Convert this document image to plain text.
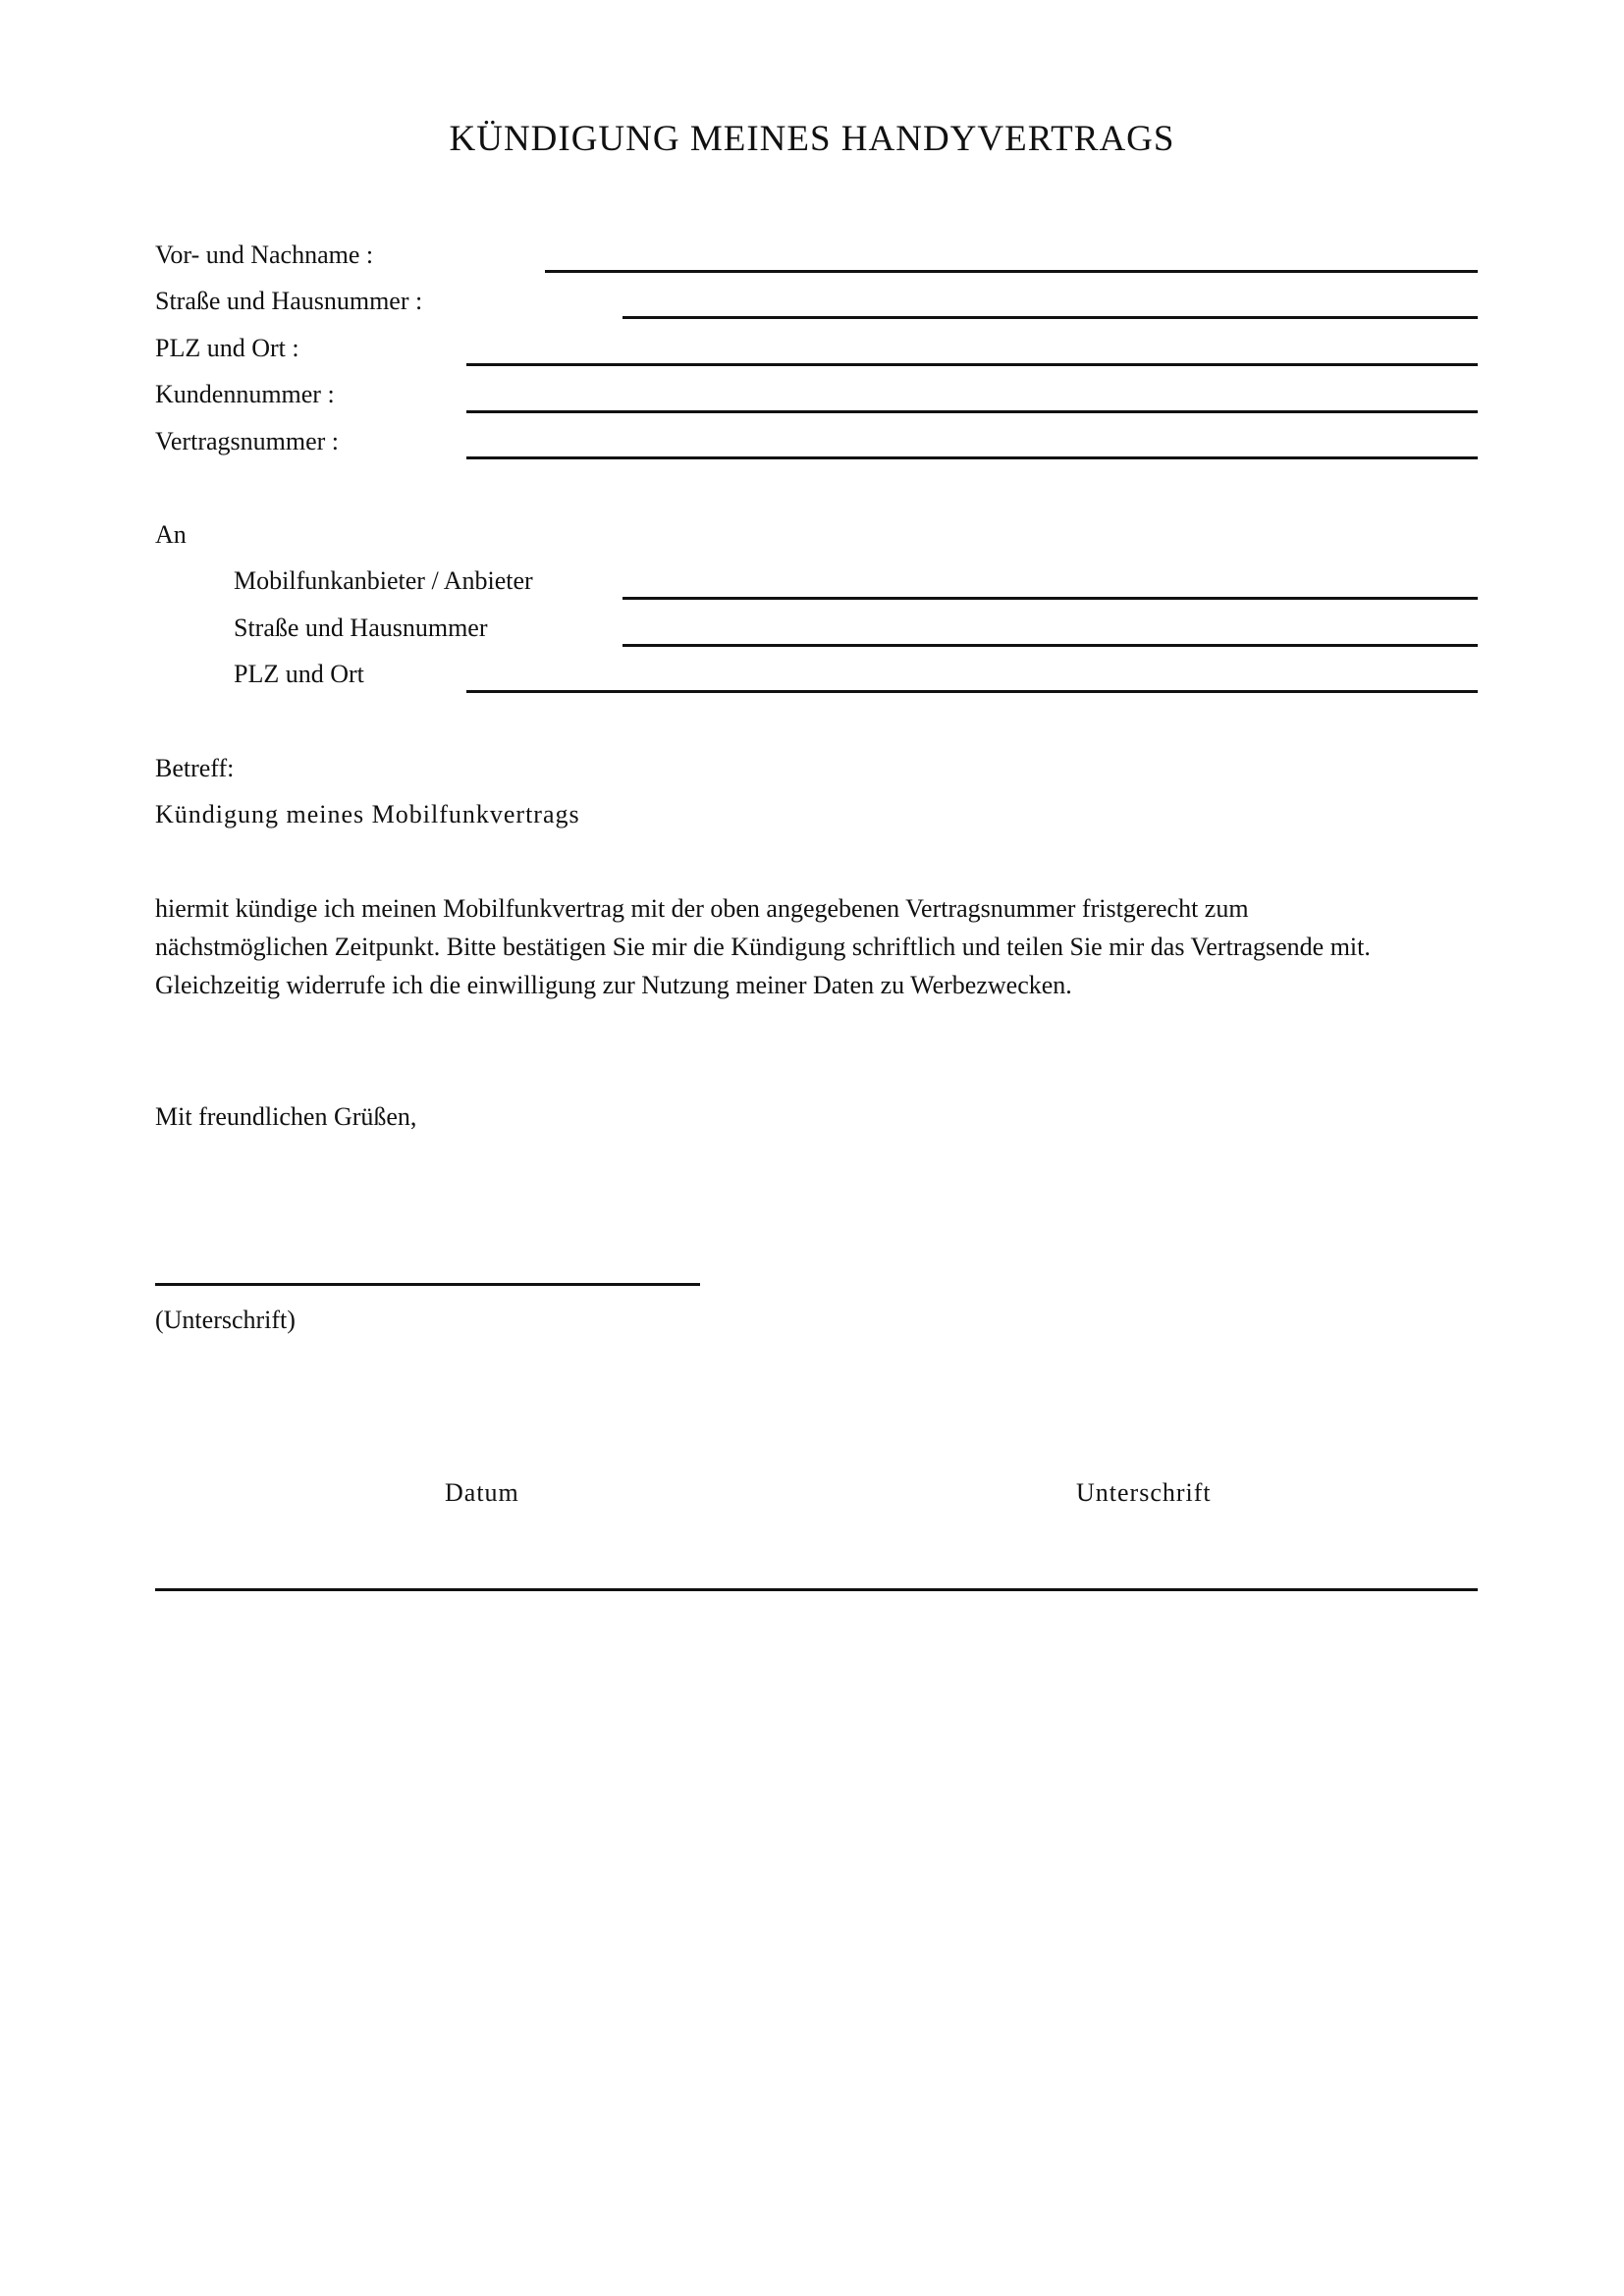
KÜNDIGUNG MEINES HANDYVERTRAGS
Vor- und Nachname :
Straße und Hausnummer :
PLZ und Ort :
Kundennummer :
Vertragsnummer :
An
Mobilfunkanbieter / Anbieter
Straße und Hausnummer
PLZ und Ort
Betreff:
Kündigung meines Mobilfunkvertrags
hiermit kündige ich meinen Mobilfunkvertrag mit der oben angegebenen Vertragsnummer fristgerecht zum
nächstmöglichen Zeitpunkt. Bitte bestätigen Sie mir die Kündigung schriftlich und teilen Sie mir das Vertragsende mit.
Gleichzeitig widerrufe ich die einwilligung zur Nutzung meiner Daten zu Werbezwecken.
Mit freundlichen Grüßen,
(Unterschrift)
Datum	Unterschrift
